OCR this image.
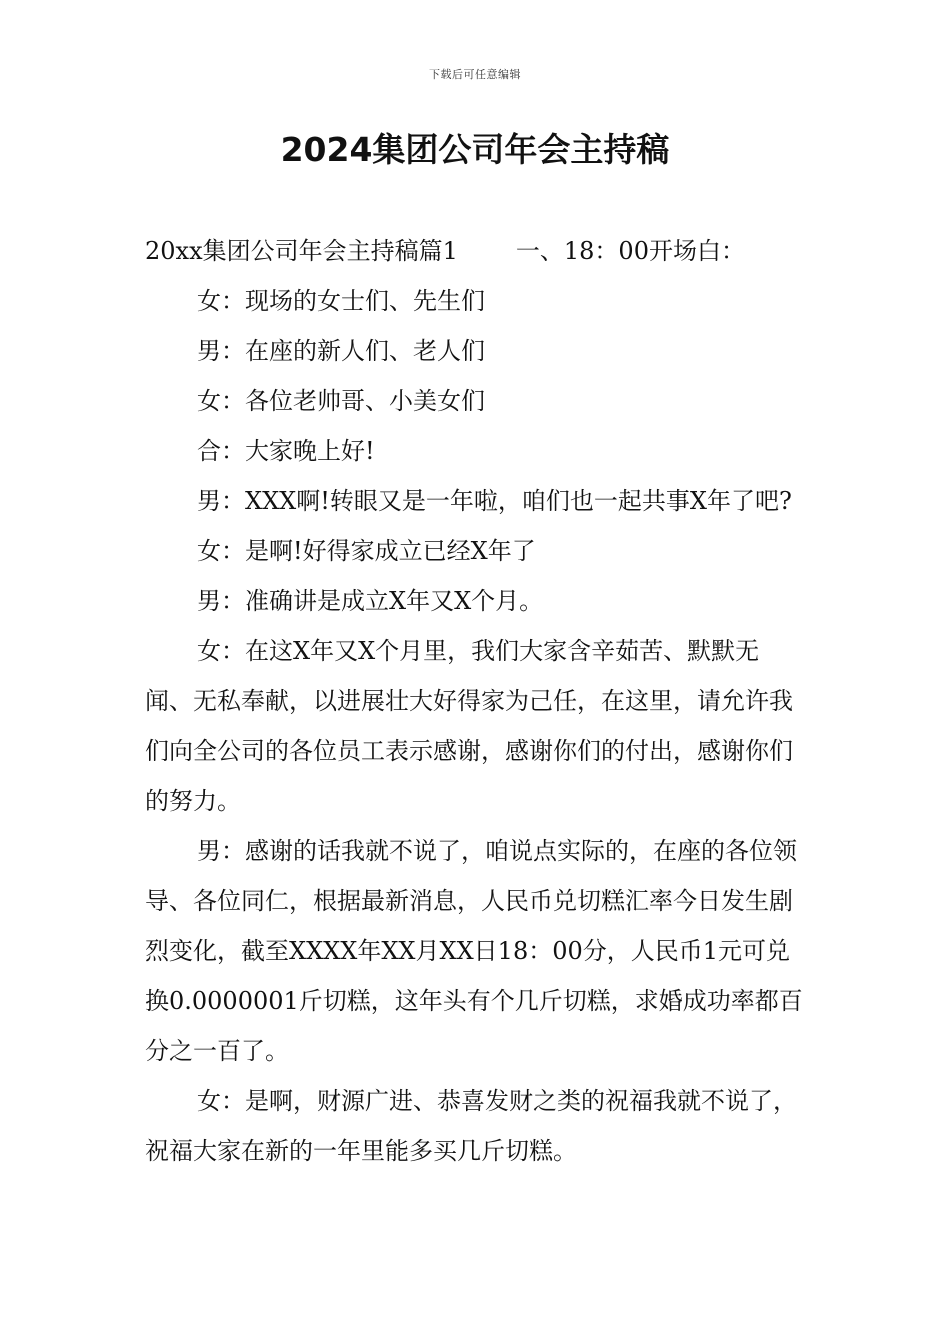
下载后可任意编辑
2024集团公司年会主持稿

20xx集团公司年会主持稿篇1 一、18：00开场白：

女：现场的女士们、先生们

男：在座的新人们、老人们

女：各位老帅哥、小美女们

合：大家晚上好!

男：XXX啊!转眼又是一年啦，咱们也一起共事X年了吧?

女：是啊!好得家成立已经X年了

男：准确讲是成立X年又X个月。

女：在这X年又X个月里，我们大家含辛茹苦、默默无闻、无私奉献，以进展壮大好得家为己任，在这里，请允许我们向全公司的各位员工表示感谢，感谢你们的付出，感谢你们的努力。

男：感谢的话我就不说了，咱说点实际的，在座的各位领导、各位同仁，根据最新消息，人民币兑切糕汇率今日发生剧烈变化，截至XXXX年XX月XX日18：00分，人民币1元可兑换0.0000001斤切糕，这年头有个几斤切糕，求婚成功率都百分之一百了。

女：是啊，财源广进、恭喜发财之类的祝福我就不说了，祝福大家在新的一年里能多买几斤切糕。
